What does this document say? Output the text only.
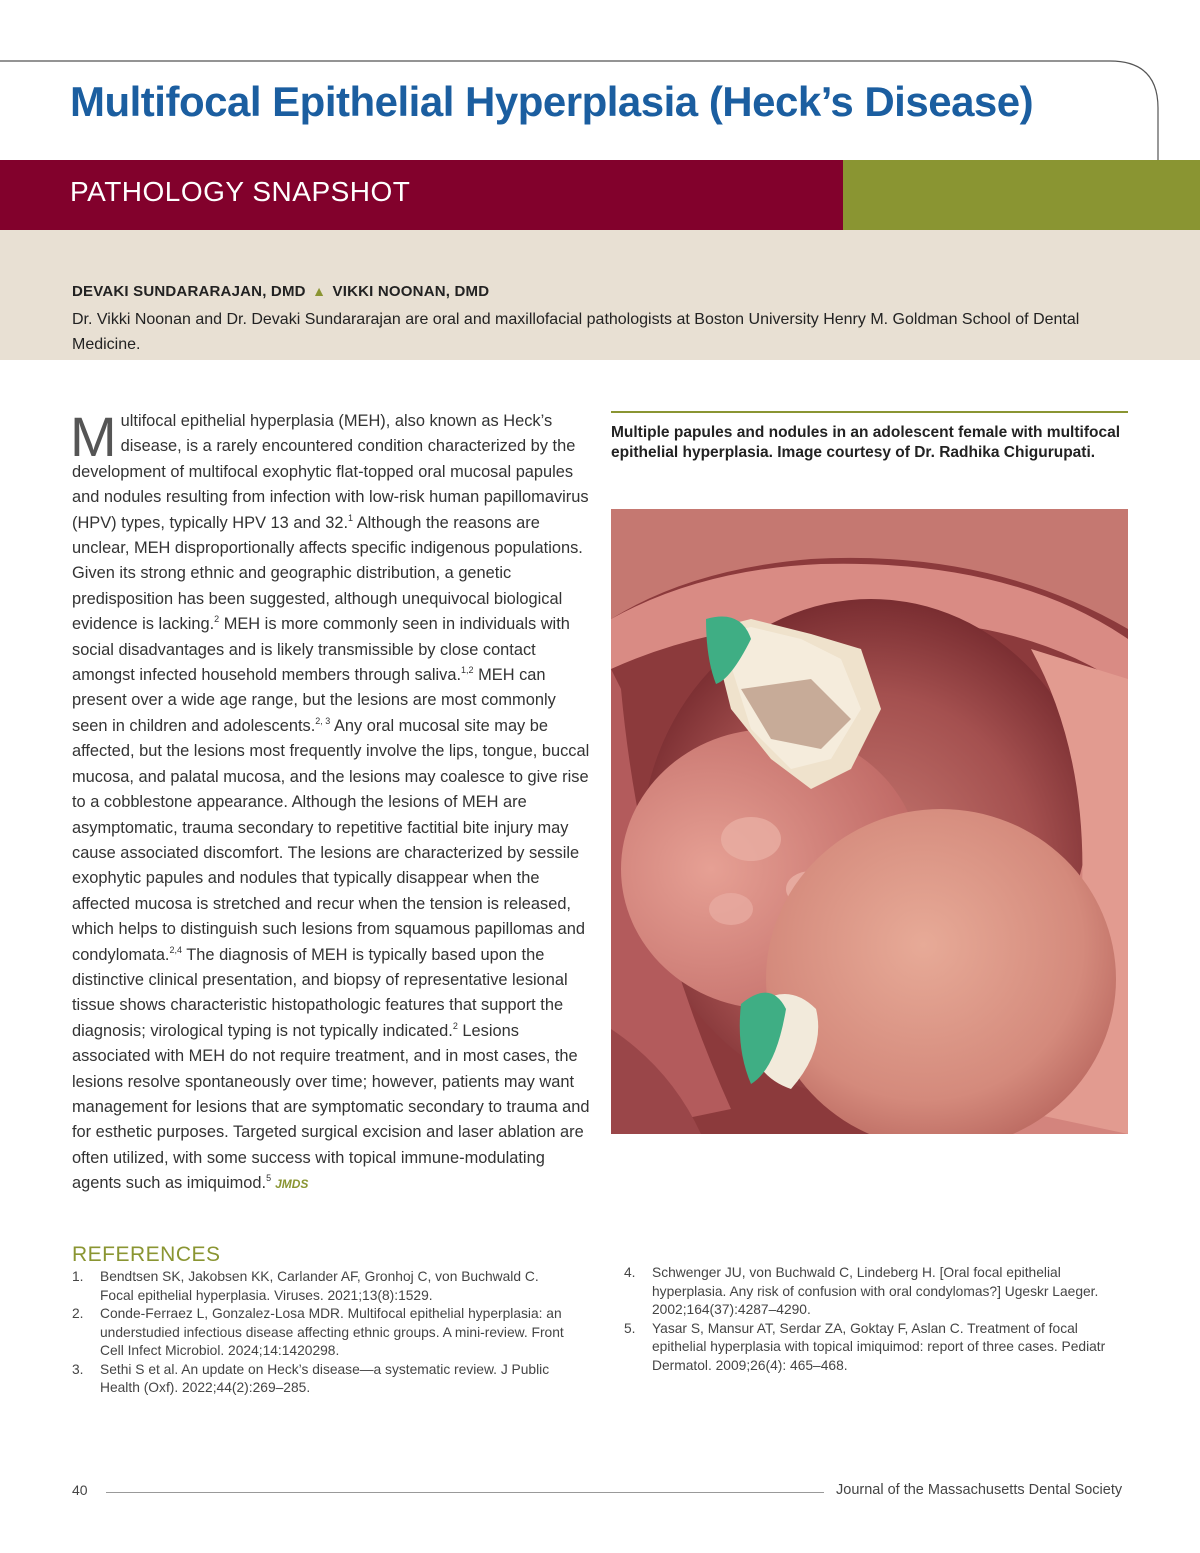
Multifocal Epithelial Hyperplasia (Heck’s Disease)
PATHOLOGY SNAPSHOT
DEVAKI SUNDARARAJAN, DMD ▲ VIKKI NOONAN, DMD
Dr. Vikki Noonan and Dr. Devaki Sundararajan are oral and maxillofacial pathologists at Boston University Henry M. Goldman School of Dental Medicine.

Multifocal epithelial hyperplasia (MEH), also known as Heck’s disease, is a rarely encountered condition characterized by the development of multifocal exophytic flat-topped oral mucosal papules and nodules resulting from infection with low-risk human papillomavirus (HPV) types, typically HPV 13 and 32.$^1$ Although the reasons are unclear, MEH disproportionally affects specific indigenous populations. Given its strong ethnic and geographic distribution, a genetic predisposition has been suggested, although unequivocal biological evidence is lacking.$^2$ MEH is more commonly seen in individuals with social disadvantages and is likely transmissible by close contact amongst infected household members through saliva.$^{1,2}$ MEH can present over a wide age range, but the lesions are most commonly seen in children and adolescents.$^{2, 3}$ Any oral mucosal site may be affected, but the lesions most frequently involve the lips, tongue, buccal mucosa, and palatal mucosa, and the lesions may coalesce to give rise to a cobblestone appearance. Although the lesions of MEH are asymptomatic, trauma secondary to repetitive factitial bite injury may cause associated discomfort. The lesions are characterized by sessile exophytic papules and nodules that typically disappear when the affected mucosa is stretched and recur when the tension is released, which helps to distinguish such lesions from squamous papillomas and condylomata.$^{2,4}$ The diagnosis of MEH is typically based upon the distinctive clinical presentation, and biopsy of representative lesional tissue shows characteristic histopathologic features that support the diagnosis; virological typing is not typically indicated.$^2$ Lesions associated with MEH do not require treatment, and in most cases, the lesions resolve spontaneously over time; however, patients may want management for lesions that are symptomatic secondary to trauma and for esthetic purposes. Targeted surgical excision and laser ablation are often utilized, with some success with topical immune-modulating agents such as imiquimod.$^5$ JMDS

Multiple papules and nodules in an adolescent female with multifocal epithelial hyperplasia. Image courtesy of Dr. Radhika Chigurupati.
REFERENCES
1. Bendtsen SK, Jakobsen KK, Carlander AF, Gronhoj C, von Buchwald C. Focal epithelial hyperplasia. Viruses. 2021;13(8):1529.
2. Conde-Ferraez L, Gonzalez-Losa MDR. Multifocal epithelial hyperplasia: an understudied infectious disease affecting ethnic groups. A mini-review. Front Cell Infect Microbiol. 2024;14:1420298.
3. Sethi S et al. An update on Heck’s disease—a systematic review. J Public Health (Oxf). 2022;44(2):269–285.
4. Schwenger JU, von Buchwald C, Lindeberg H. [Oral focal epithelial hyperplasia. Any risk of confusion with oral condylomas?] Ugeskr Laeger. 2002;164(37):4287–4290.
5. Yasar S, Mansur AT, Serdar ZA, Goktay F, Aslan C. Treatment of focal epithelial hyperplasia with topical imiquimod: report of three cases. Pediatr Dermatol. 2009;26(4): 465–468.
40	Journal of the Massachusetts Dental Society
